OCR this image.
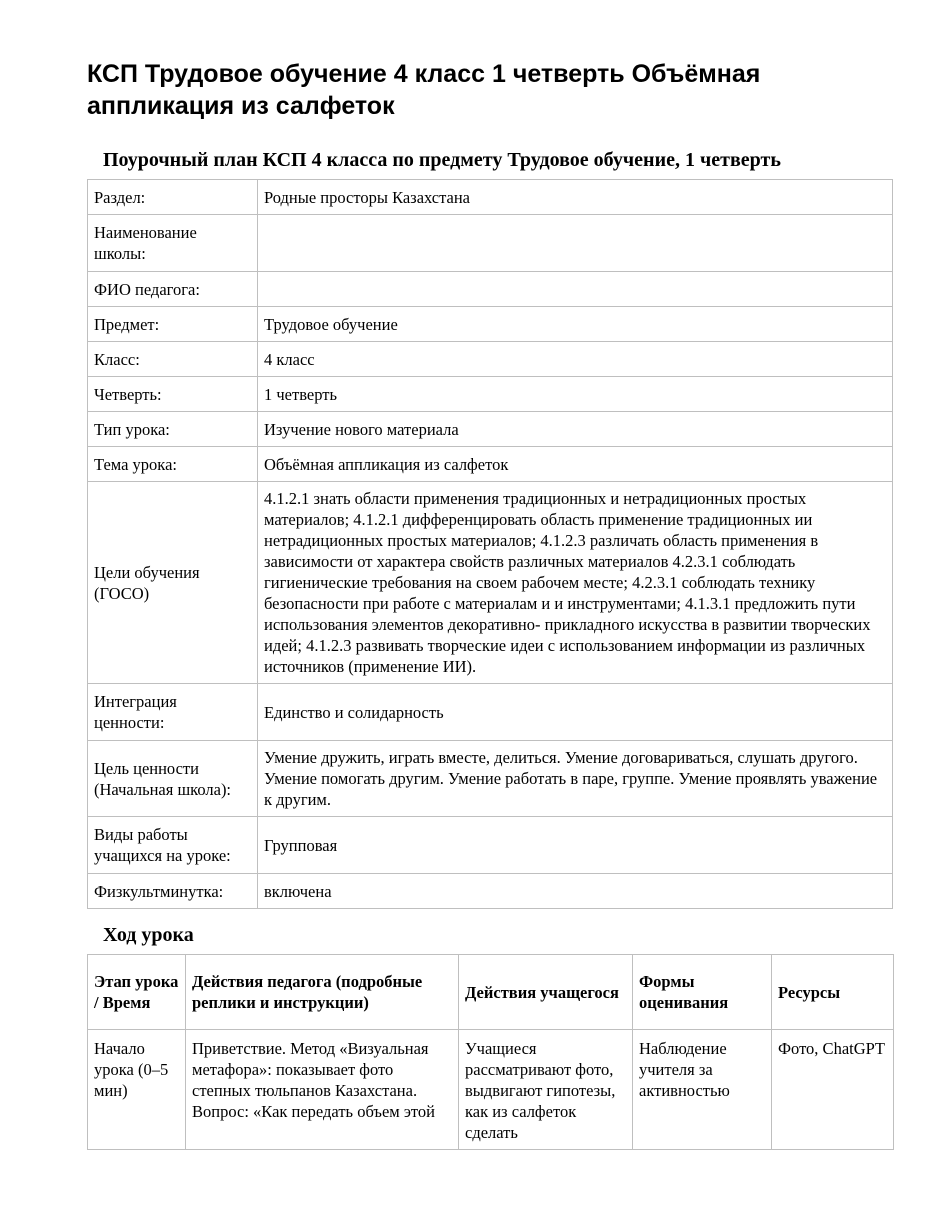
КСП Трудовое обучение 4 класс 1 четверть Объёмная аппликация из салфеток
Поурочный план КСП 4 класса по предмету Трудовое обучение, 1 четверть
Раздел:	Родные просторы Казахстана
Наименование школы:	
ФИО педагога:	
Предмет:	Трудовое обучение
Класс:	4 класс
Четверть:	1 четверть
Тип урока:	Изучение нового материала
Тема урока:	Объёмная аппликация из салфеток
Цели обучения (ГОСО)	4.1.2.1 знать области применения традиционных и нетрадиционных простых материалов; 4.1.2.1 дифференцировать область применение традиционных ии нетрадиционных простых материалов; 4.1.2.3 различать область применения в зависимости от характера свойств различных материалов 4.2.3.1 соблюдать гигиенические требования на своем рабочем месте; 4.2.3.1 соблюдать технику безопасности при работе с материалам и и инструментами; 4.1.3.1 предложить пути использования элементов декоративно- прикладного искусства в развитии творческих идей; 4.1.2.3 развивать творческие идеи с использованием информации из различных источников (применение ИИ).
Интеграция ценности:	Единство и солидарность
Цель ценности (Начальная школа):	Умение дружить, играть вместе, делиться. Умение договариваться, слушать другого. Умение помогать другим. Умение работать в паре, группе. Умение проявлять уважение к другим.
Виды работы учащихся на уроке:	Групповая
Физкультминутка:	включена
Ход урока
Этап урока / Время	Действия педагога (подробные реплики и инструкции)	Действия учащегося	Формы оценивания	Ресурсы
Начало урока (0–5 мин)	Приветствие. Метод «Визуальная метафора»: показывает фото степных тюльпанов Казахстана. Вопрос: «Как передать объем этой	Учащиеся рассматривают фото, выдвигают гипотезы, как из салфеток сделать	Наблюдение учителя за активностью	Фото, ChatGPT
